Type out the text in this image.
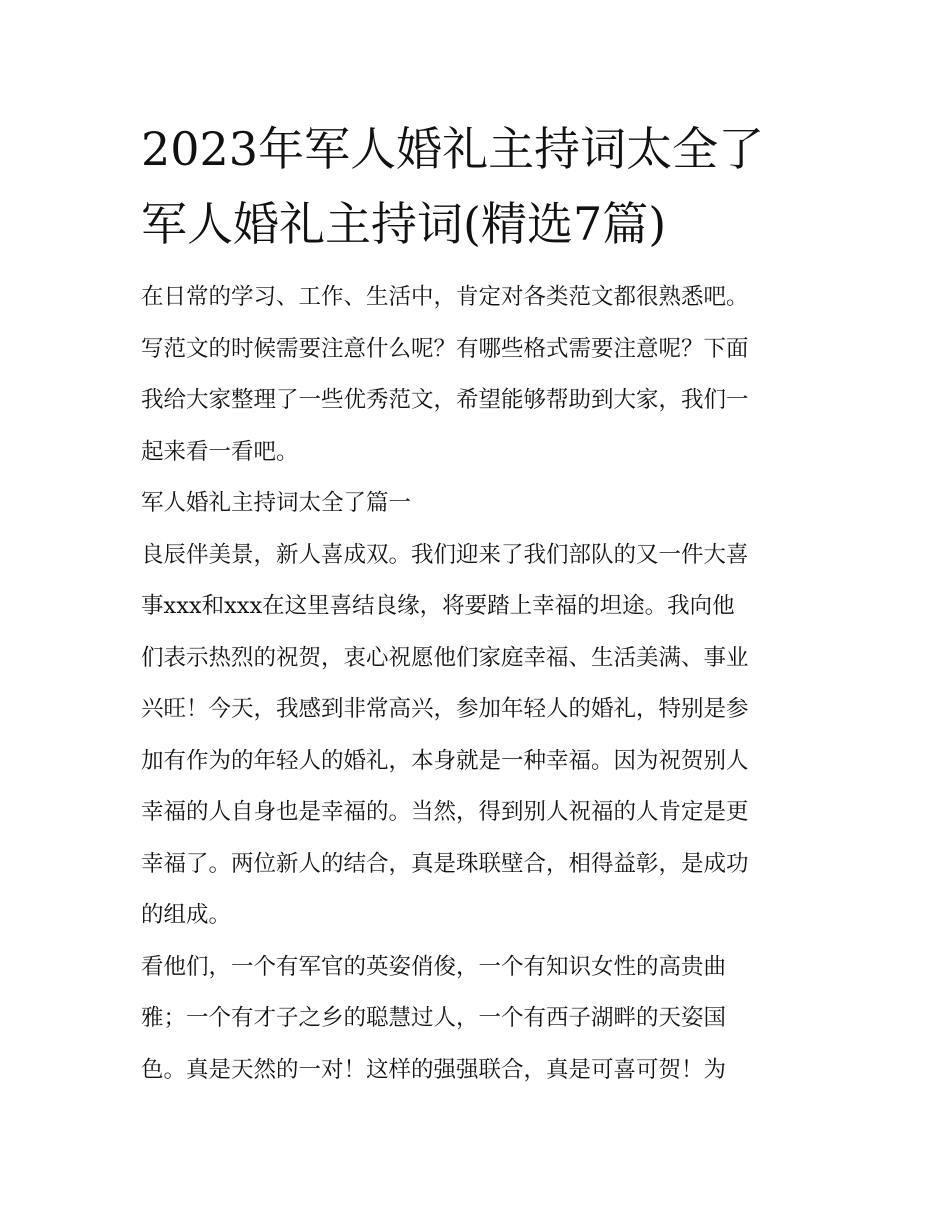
2023年军人婚礼主持词太全了
军人婚礼主持词(精选7篇)
在日常的学习、工作、生活中，肯定对各类范文都很熟悉吧。
写范文的时候需要注意什么呢？有哪些格式需要注意呢？下面
我给大家整理了一些优秀范文，希望能够帮助到大家，我们一
起来看一看吧。
军人婚礼主持词太全了篇一
良辰伴美景，新人喜成双。我们迎来了我们部队的又一件大喜
事xxx和xxx在这里喜结良缘，将要踏上幸福的坦途。我向他
们表示热烈的祝贺，衷心祝愿他们家庭幸福、生活美满、事业
兴旺！今天，我感到非常高兴，参加年轻人的婚礼，特别是参
加有作为的年轻人的婚礼，本身就是一种幸福。因为祝贺别人
幸福的人自身也是幸福的。当然，得到别人祝福的人肯定是更
幸福了。两位新人的结合，真是珠联壁合，相得益彰，是成功
的组成。
看他们，一个有军官的英姿俏俊，一个有知识女性的高贵曲
雅；一个有才子之乡的聪慧过人，一个有西子湖畔的天姿国
色。真是天然的一对！这样的强强联合，真是可喜可贺！为
